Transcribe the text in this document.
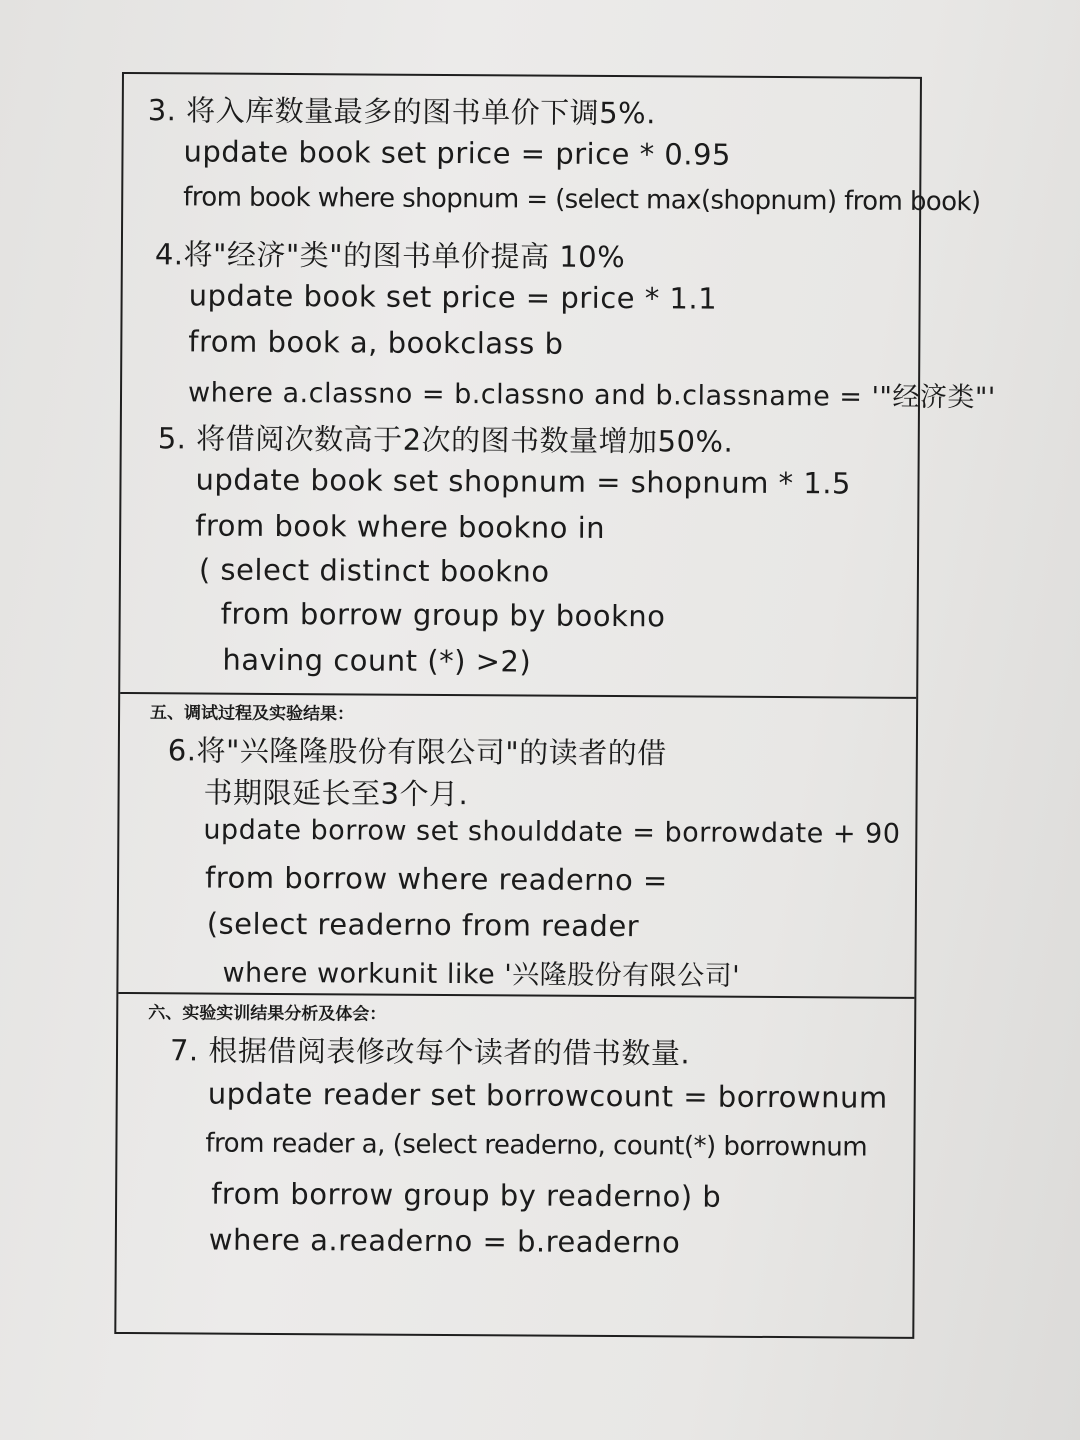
3. 将入库数量最多的图书单价下调5%.
update book set price = price * 0.95
from book where shopnum = (select max(shopnum) from book)
4.将"经济"类"的图书单价提高 10%
update book set price = price * 1.1
from book a, bookclass b
where a.classno = b.classno and b.classname = '"经济类"'
5. 将借阅次数高于2次的图书数量增加50%.
update book set shopnum = shopnum * 1.5
from book where bookno in
( select distinct bookno
from borrow group by bookno
having count (*) >2)
五、调试过程及实验结果：
6.将"兴隆隆股份有限公司"的读者的借
书期限延长至3个月.
update borrow set shoulddate = borrowdate + 90
from borrow where readerno =
(select readerno from reader
where workunit like '兴隆股份有限公司'
六、实验实训结果分析及体会：
7. 根据借阅表修改每个读者的借书数量.
update reader set borrowcount = borrownum
from reader a, (select readerno, count(*) borrownum
from borrow group by readerno) b
where a.readerno = b.readerno
